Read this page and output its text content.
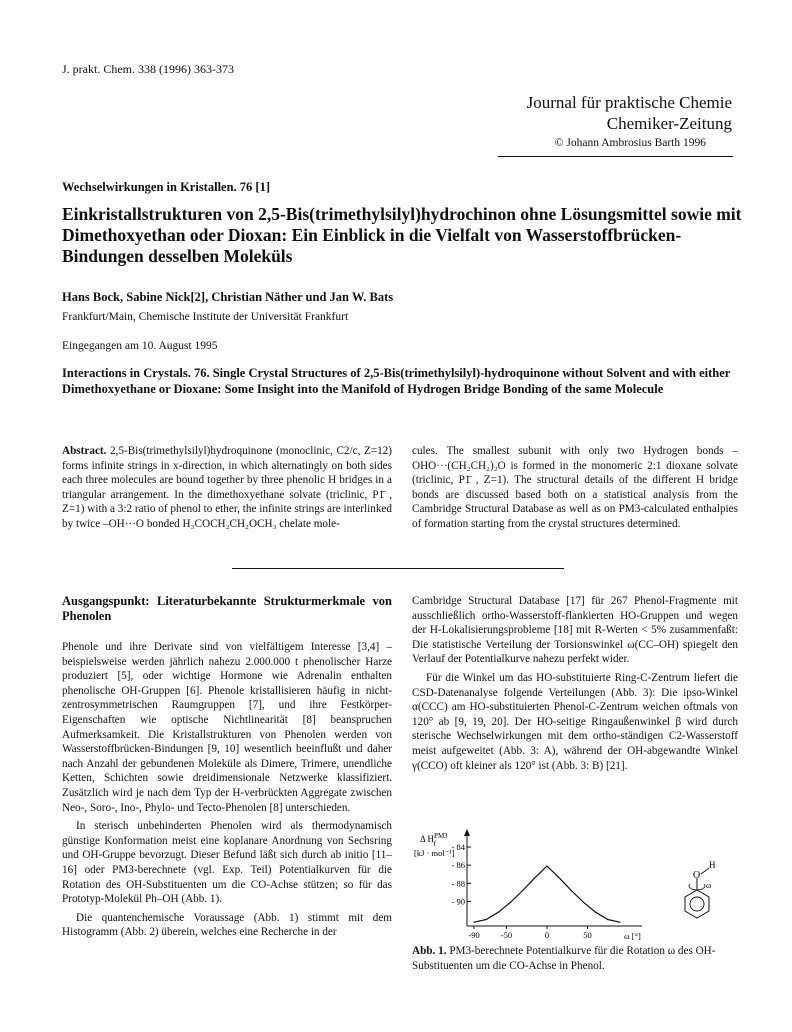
J. prakt. Chem. 338 (1996) 363-373
Journal für praktische Chemie
Chemiker-Zeitung
© Johann Ambrosius Barth 1996
Wechselwirkungen in Kristallen. 76 [1]
Einkristallstrukturen von 2,5-Bis(trimethylsilyl)hydrochinon ohne Lösungsmittel sowie mit Dimethoxyethan oder Dioxan: Ein Einblick in die Vielfalt von Wasserstoffbrücken-Bindungen desselben Moleküls
Hans Bock, Sabine Nick[2], Christian Näther und Jan W. Bats
Frankfurt/Main, Chemische Institute der Universität Frankfurt
Eingegangen am 10. August 1995
Interactions in Crystals. 76. Single Crystal Structures of 2,5-Bis(trimethylsilyl)-hydroquinone without Solvent and with either Dimethoxyethane or Dioxane: Some Insight into the Manifold of Hydrogen Bridge Bonding of the same Molecule
Abstract. 2,5-Bis(trimethylsilyl)hydroquinone (monoclinic, C2/c, Z=12) forms infinite strings in x-direction, in which alternatingly on both sides each three molecules are bound together by three phenolic H bridges in a triangular arrangement. In the dimethoxyethane solvate (triclinic, P1̄ , Z=1) with a 3:2 ratio of phenol to ether, the infinite strings are interlinked by twice –OH···O bonded H₃COCH₂CH₂OCH₃ chelate mole-
cules. The smallest subunit with only two Hydrogen bonds –OHO···(CH₂CH₂)₂O is formed in the monomeric 2:1 dioxane solvate (triclinic, P1̄ , Z=1). The structural details of the different H bridge bonds are discussed based both on a statistical analysis from the Cambridge Structural Database as well as on PM3-calculated enthalpies of formation starting from the crystal structures determined.
Ausgangspunkt: Literaturbekannte Strukturmerkmale von Phenolen

Phenole und ihre Derivate sind von vielfältigem Interesse [3,4] – beispielsweise werden jährlich nahezu 2.000.000 t phenolischer Harze produziert [5], oder wichtige Hormone wie Adrenalin enthalten phenolische OH-Gruppen [6]. Phenole kristallisieren häufig in nicht-zentrosymmetrischen Raumgruppen [7], und ihre Festkörper-Eigenschaften wie optische Nichtlinearität [8] beanspruchen Aufmerksamkeit. Die Kristallstrukturen von Phenolen werden von Wasserstoffbrücken-Bindungen [9, 10] wesentlich beeinflußt und daher nach Anzahl der gebundenen Moleküle als Dimere, Trimere, unendliche Ketten, Schichten sowie dreidimensionale Netzwerke klassifiziert. Zusätzlich wird je nach dem Typ der H-verbrückten Aggregate zwischen Neo-, Soro-, Ino-, Phylo- und Tecto-Phenolen [8] unterschieden.

In sterisch unbehinderten Phenolen wird als thermodynamisch günstige Konformation meist eine koplanare Anordnung von Sechsring und OH-Gruppe bevorzugt. Dieser Befund läßt sich durch ab initio [11–16] oder PM3-berechnete (vgl. Exp. Teil) Potentialkurven für die Rotation des OH-Substituenten um die CO-Achse stützen; so für das Prototyp-Molekül Ph–OH (Abb. 1).

Die quantenchemische Voraussage (Abb. 1) stimmt mit dem Histogramm (Abb. 2) überein, welches eine Recherche in der

Cambridge Structural Database [17] für 267 Phenol-Fragmente mit ausschließlich ortho-Wasserstoff-flankierten HO-Gruppen und wegen der H-Lokalisierungsprobleme [18] mit R-Werten < 5% zusammenfaßt: Die statistische Verteilung der Torsionswinkel ω(CC–OH) spiegelt den Verlauf der Potentialkurve nahezu perfekt wider.

Für die Winkel um das HO-substituierte Ring-C-Zentrum liefert die CSD-Datenanalyse folgende Verteilungen (Abb. 3): Die ipso-Winkel α(CCC) am HO-substituierten Phenol-C-Zentrum weichen oftmals von 120° ab [9, 19, 20]. Der HO-seitige Ringaußenwinkel β wird durch sterische Wechselwirkungen mit dem ortho-ständigen C2-Wasserstoff meist aufgeweitet (Abb. 3: A), während der OH-abgewandte Winkel γ(CCO) oft kleiner als 120° ist (Abb. 3: B) [21].

Δ $H^{PM3}$ f
[kJ · mol⁻¹]
- 84
- 86
- 88
- 90
-90 -50	0	50	ω [°]
O
H
ω
Abb. 1. PM3-berechnete Potentialkurve für die Rotation ω des OH-Substituenten um die CO-Achse in Phenol.
